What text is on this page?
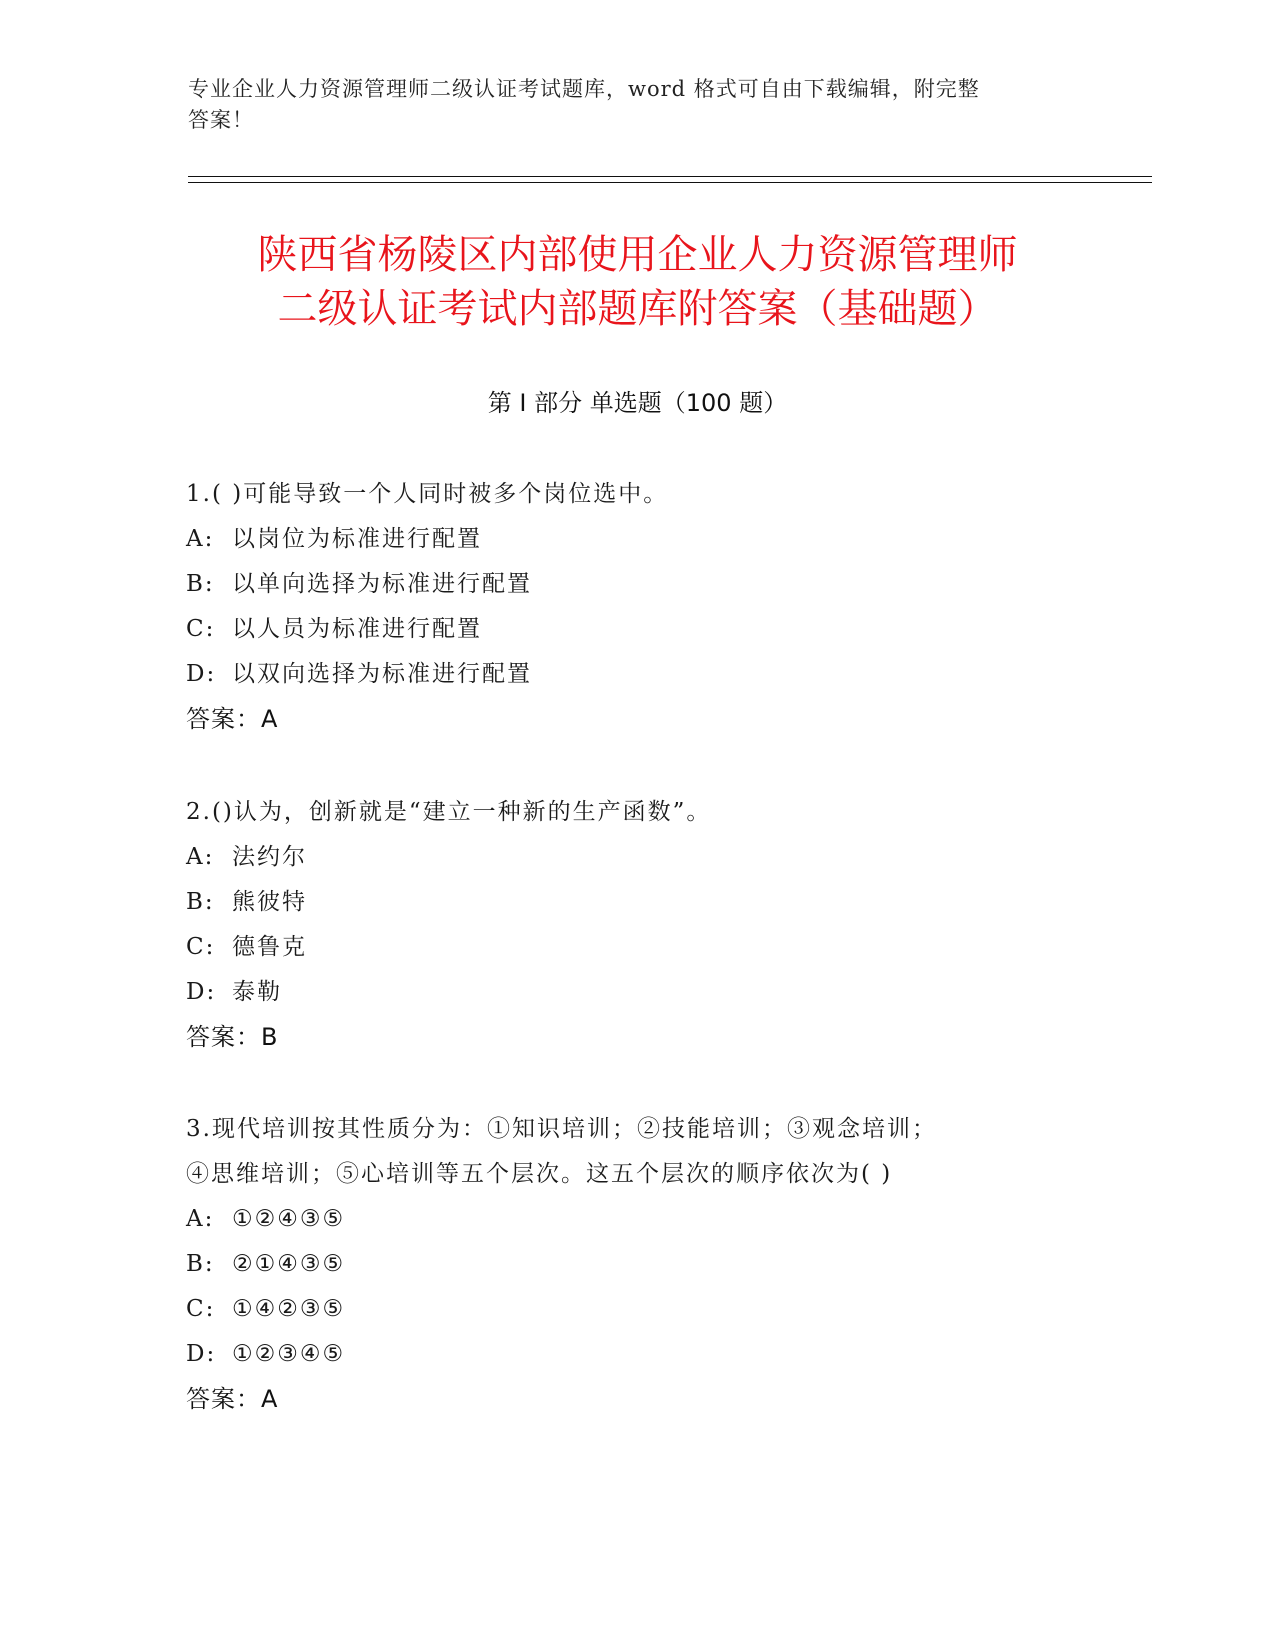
专业企业人力资源管理师二级认证考试题库，word 格式可自由下载编辑，附完整
答案！
陕西省杨陵区内部使用企业人力资源管理师
二级认证考试内部题库附答案（基础题）
第 I 部分 单选题（100 题）
1.( )可能导致一个人同时被多个岗位选中。
A: 以岗位为标准进行配置
B: 以单向选择为标准进行配置
C: 以人员为标准进行配置
D: 以双向选择为标准进行配置
答案：A
2.()认为，创新就是“建立一种新的生产函数”。
A: 法约尔
B: 熊彼特
C: 德鲁克
D: 泰勒
答案：B
3.现代培训按其性质分为：①知识培训；②技能培训；③观念培训；
④思维培训；⑤心培训等五个层次。这五个层次的顺序依次为( )
A: ①②④③⑤
B: ②①④③⑤
C: ①④②③⑤
D: ①②③④⑤
答案：A
